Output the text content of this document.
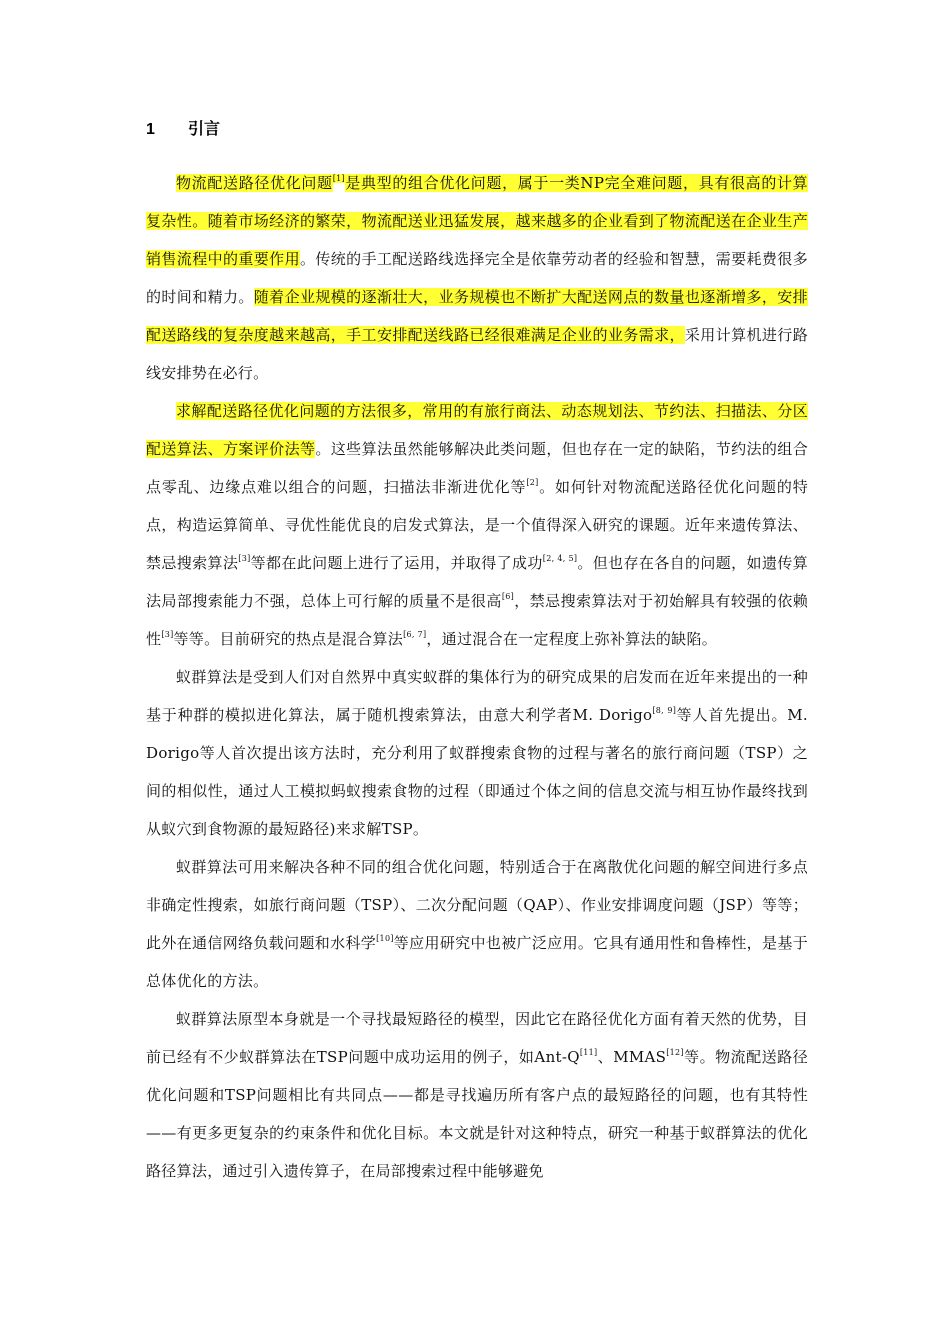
1 引言

物流配送路径优化问题[1]是典型的组合优化问题，属于一类NP完全难问题，具有很高的计算复杂性。随着市场经济的繁荣，物流配送业迅猛发展，越来越多的企业看到了物流配送在企业生产销售流程中的重要作用。传统的手工配送路线选择完全是依靠劳动者的经验和智慧，需要耗费很多的时间和精力。随着企业规模的逐渐壮大，业务规模也不断扩大配送网点的数量也逐渐增多，安排配送路线的复杂度越来越高，手工安排配送线路已经很难满足企业的业务需求，采用计算机进行路线安排势在必行。

求解配送路径优化问题的方法很多，常用的有旅行商法、动态规划法、节约法、扫描法、分区配送算法、方案评价法等。这些算法虽然能够解决此类问题，但也存在一定的缺陷，节约法的组合点零乱、边缘点难以组合的问题，扫描法非渐进优化等[2]。如何针对物流配送路径优化问题的特点，构造运算简单、寻优性能优良的启发式算法，是一个值得深入研究的课题。近年来遗传算法、禁忌搜索算法[3]等都在此问题上进行了运用，并取得了成功[2, 4, 5]。但也存在各自的问题，如遗传算法局部搜索能力不强，总体上可行解的质量不是很高[6]，禁忌搜索算法对于初始解具有较强的依赖性[3]等等。目前研究的热点是混合算法[6, 7]，通过混合在一定程度上弥补算法的缺陷。

蚁群算法是受到人们对自然界中真实蚁群的集体行为的研究成果的启发而在近年来提出的一种基于种群的模拟进化算法，属于随机搜索算法，由意大利学者M. Dorigo[8, 9]等人首先提出。M. Dorigo等人首次提出该方法时，充分利用了蚁群搜索食物的过程与著名的旅行商问题（TSP）之间的相似性，通过人工模拟蚂蚁搜索食物的过程（即通过个体之间的信息交流与相互协作最终找到从蚁穴到食物源的最短路径)来求解TSP。

蚁群算法可用来解决各种不同的组合优化问题，特别适合于在离散优化问题的解空间进行多点非确定性搜索，如旅行商问题（TSP）、二次分配问题（QAP）、作业安排调度问题（JSP）等等；此外在通信网络负载问题和水科学[10]等应用研究中也被广泛应用。它具有通用性和鲁棒性，是基于总体优化的方法。

蚁群算法原型本身就是一个寻找最短路径的模型，因此它在路径优化方面有着天然的优势，目前已经有不少蚁群算法在TSP问题中成功运用的例子，如Ant-Q[11]、MMAS[12]等。物流配送路径优化问题和TSP问题相比有共同点——都是寻找遍历所有客户点的最短路径的问题，也有其特性——有更多更复杂的约束条件和优化目标。本文就是针对这种特点，研究一种基于蚁群算法的优化路径算法，通过引入遗传算子，在局部搜索过程中能够避免
